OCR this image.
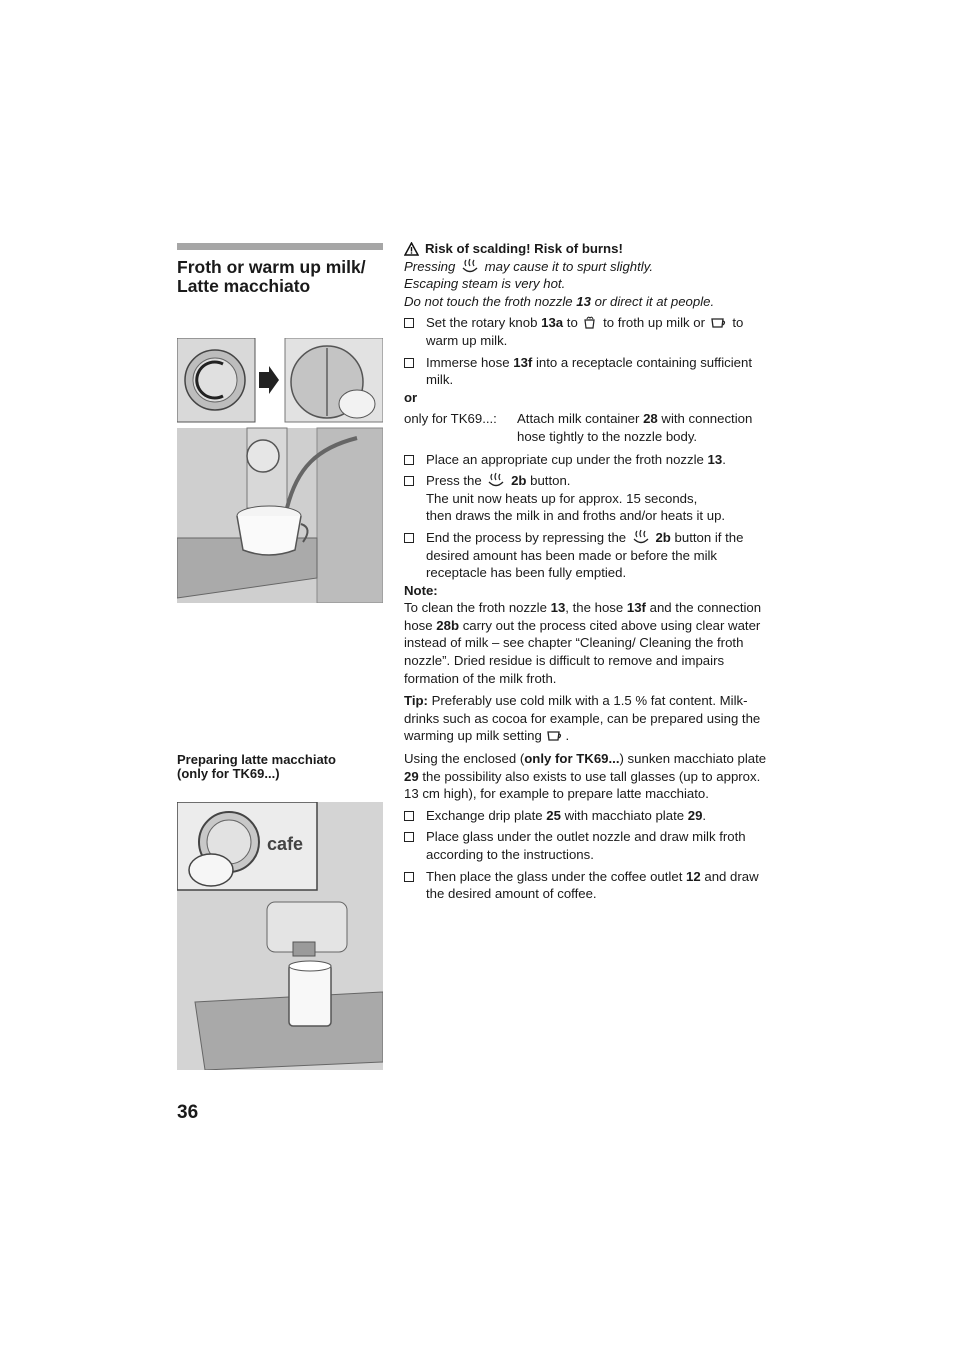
Froth or warm up milk/
Latte macchiato
Preparing latte macchiato
(only for TK69...)
cafe
36

Risk of scalding! Risk of burns!

Pressing may cause it to spurt slightly.

Escaping steam is very hot.

Do not touch the froth nozzle 13 or direct it at people.

Set the rotary knob 13a to to froth up milk or to warm up milk.
Immerse hose 13f into a receptacle containing sufficient milk.

or

only for TK69...:	Attach milk container 28 with connection hose tightly to the nozzle body.
Place an appropriate cup under the froth nozzle 13.
Press the 2b button.
The unit now heats up for approx. 15 seconds,
then draws the milk in and froths and/or heats it up.
End the process by repressing the 2b button if the desired amount has been made or before the milk receptacle has been fully emptied.

Note:

To clean the froth nozzle 13, the hose 13f and the connection hose 28b carry out the process cited above using clear water instead of milk – see chapter “Cleaning/ Cleaning the froth nozzle”. Dried residue is difficult to remove and impairs formation of the milk froth.

Tip: Preferably use cold milk with a 1.5 % fat content. Milk-drinks such as cocoa for example, can be prepared using the warming up milk setting .

Using the enclosed (only for TK69...) sunken macchiato plate 29 the possibility also exists to use tall glasses (up to approx. 13 cm high), for example to prepare latte macchiato.

Exchange drip plate 25 with macchiato plate 29.
Place glass under the outlet nozzle and draw milk froth according to the instructions.
Then place the glass under the coffee outlet 12 and draw the desired amount of coffee.
